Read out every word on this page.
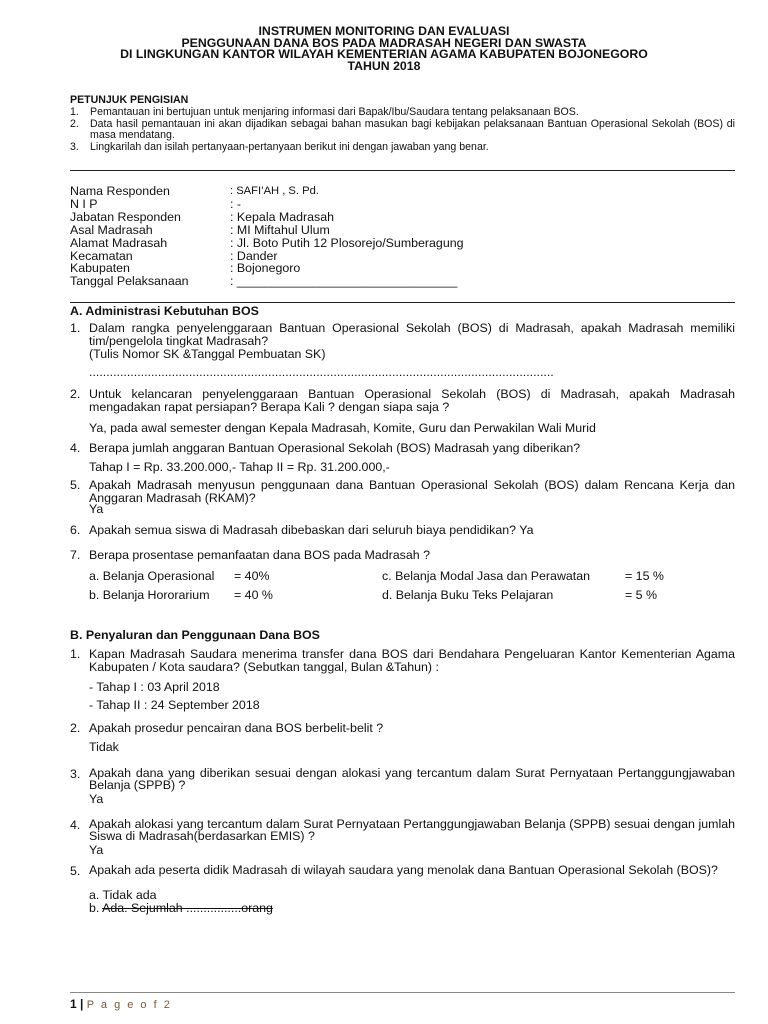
INSTRUMEN MONITORING DAN EVALUASI
PENGGUNAAN DANA BOS PADA MADRASAH NEGERI DAN SWASTA
DI LINGKUNGAN KANTOR WILAYAH KEMENTERIAN AGAMA KABUPATEN BOJONEGORO
TAHUN 2018
PETUNJUK PENGISIAN
1.	Pemantauan ini bertujuan untuk menjaring informasi dari Bapak/Ibu/Saudara tentang pelaksanaan BOS.
2.	Data hasil pemantauan ini akan dijadikan sebagai bahan masukan bagi kebijakan pelaksanaan Bantuan Operasional Sekolah (BOS) di masa mendatang.
3.	Lingkarilah dan isilah pertanyaan-pertanyaan berikut ini dengan jawaban yang benar.
Nama Responden	: SAFI’AH , S. Pd.
N I P	: -
Jabatan Responden	: Kepala Madrasah
Asal Madrasah	: MI Miftahul Ulum
Alamat Madrasah	: Jl. Boto Putih 12 Plosorejo/Sumberagung
Kecamatan	: Dander
Kabupaten	: Bojonegoro
Tanggal Pelaksanaan	: ________________________________
A. Administrasi Kebutuhan BOS
1. Dalam rangka penyelenggaraan Bantuan Operasional Sekolah (BOS) di Madrasah, apakah Madrasah memiliki tim/pengelola tingkat Madrasah?
(Tulis Nomor SK &Tanggal Pembuatan SK)
.......................................................................................................................................
2. Untuk kelancaran penyelenggaraan Bantuan Operasional Sekolah (BOS) di Madrasah, apakah Madrasah mengadakan rapat persiapan? Berapa Kali ? dengan siapa saja ?
Ya, pada awal semester dengan Kepala Madrasah, Komite, Guru dan Perwakilan Wali Murid
4. Berapa jumlah anggaran Bantuan Operasional Sekolah (BOS) Madrasah yang diberikan?
Tahap I = Rp. 33.200.000,- Tahap II = Rp. 31.200.000,-
5. Apakah Madrasah menyusun penggunaan dana Bantuan Operasional Sekolah (BOS) dalam Rencana Kerja dan Anggaran Madrasah (RKAM)?
Ya
6. Apakah semua siswa di Madrasah dibebaskan dari seluruh biaya pendidikan? Ya
7. Berapa prosentase pemanfaatan dana BOS pada Madrasah ?
a. Belanja Operasional = 40%	c. Belanja Modal Jasa dan Perawatan	= 15 %
b. Belanja Hororarium = 40 %	d. Belanja Buku Teks Pelajaran	= 5 %
B. Penyaluran dan Penggunaan Dana BOS
1. Kapan Madrasah Saudara menerima transfer dana BOS dari Bendahara Pengeluaran Kantor Kementerian Agama Kabupaten / Kota saudara? (Sebutkan tanggal, Bulan &Tahun) :
- Tahap I : 03 April 2018
- Tahap II : 24 September 2018
2. Apakah prosedur pencairan dana BOS berbelit-belit ?
Tidak
3. Apakah dana yang diberikan sesuai dengan alokasi yang tercantum dalam Surat Pernyataan Pertanggungjawaban Belanja (SPPB) ?
Ya
4. Apakah alokasi yang tercantum dalam Surat Pernyataan Pertanggungjawaban Belanja (SPPB) sesuai dengan jumlah Siswa di Madrasah(berdasarkan EMIS) ?
Ya
5. Apakah ada peserta didik Madrasah di wilayah saudara yang menolak dana Bantuan Operasional Sekolah (BOS)?
a. Tidak ada
b. Ada. Sejumlah ................orang
1 | P a g e o f 2
